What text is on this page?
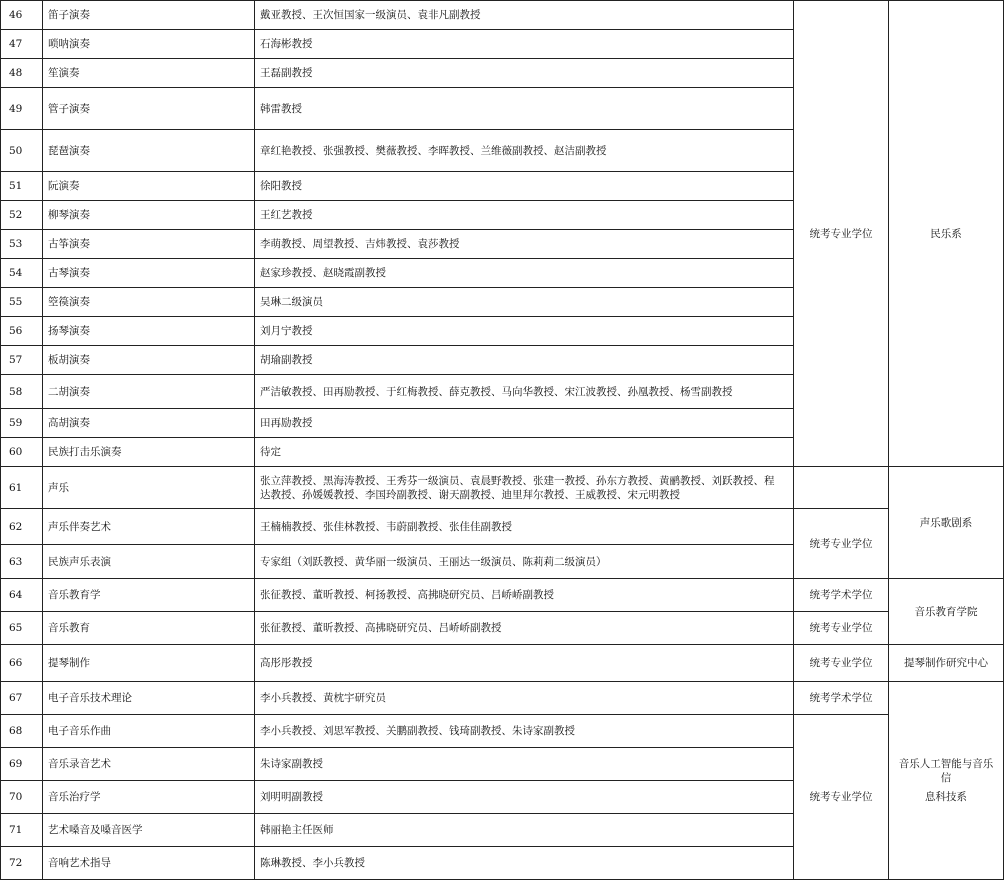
46	笛子演奏	戴亚教授、王次恒国家一级演员、袁非凡副教授	统考专业学位	民乐系
47	唢呐演奏	石海彬教授		
48	笙演奏	王磊副教授		
49	管子演奏	韩雷教授		
50	琵琶演奏	章红艳教授、张强教授、樊薇教授、李晖教授、兰维薇副教授、赵洁副教授		
51	阮演奏	徐阳教授		
52	柳琴演奏	王红艺教授		
53	古筝演奏	李萌教授、周望教授、吉炜教授、袁莎教授		
54	古琴演奏	赵家珍教授、赵晓霞副教授		
55	箜篌演奏	吴琳二级演员		
56	扬琴演奏	刘月宁教授		
57	板胡演奏	胡瑜副教授		
58	二胡演奏	严洁敏教授、田再励教授、于红梅教授、薛克教授、马向华教授、宋江波教授、孙凰教授、杨雪副教授		
59	高胡演奏	田再励教授		
60	民族打击乐演奏	待定		
61	声乐	张立萍教授、黑海涛教授、王秀芬一级演员、袁晨野教授、张建一教授、孙东方教授、黄鹂教授、刘跃教授、程
达教授、孙媛媛教授、李国玲副教授、谢天副教授、迪里拜尔教授、王威教授、宋元明教授		声乐歌剧系
62	声乐伴奏艺术	王楠楠教授、张佳林教授、韦蔚副教授、张佳佳副教授	统考专业学位	
63	民族声乐表演	专家组（刘跃教授、黄华丽一级演员、王丽达一级演员、陈莉莉二级演员）		
64	音乐教育学	张征教授、董昕教授、柯扬教授、高拂晓研究员、吕峤峤副教授	统考学术学位	音乐教育学院
65	音乐教育	张征教授、董昕教授、高拂晓研究员、吕峤峤副教授	统考专业学位	
66	提琴制作	高彤彤教授	统考专业学位	提琴制作研究中心
67	电子音乐技术理论	李小兵教授、黄枕宇研究员	统考学术学位	音乐人工智能与音乐信
息科技系

68	电子音乐作曲	李小兵教授、刘思军教授、关鹏副教授、钱琦副教授、朱诗家副教授	统考专业学位	
69	音乐录音艺术	朱诗家副教授		
70	音乐治疗学	刘明明副教授		
71	艺术嗓音及嗓音医学	韩丽艳主任医师		
72	音响艺术指导	陈琳教授、李小兵教授		
